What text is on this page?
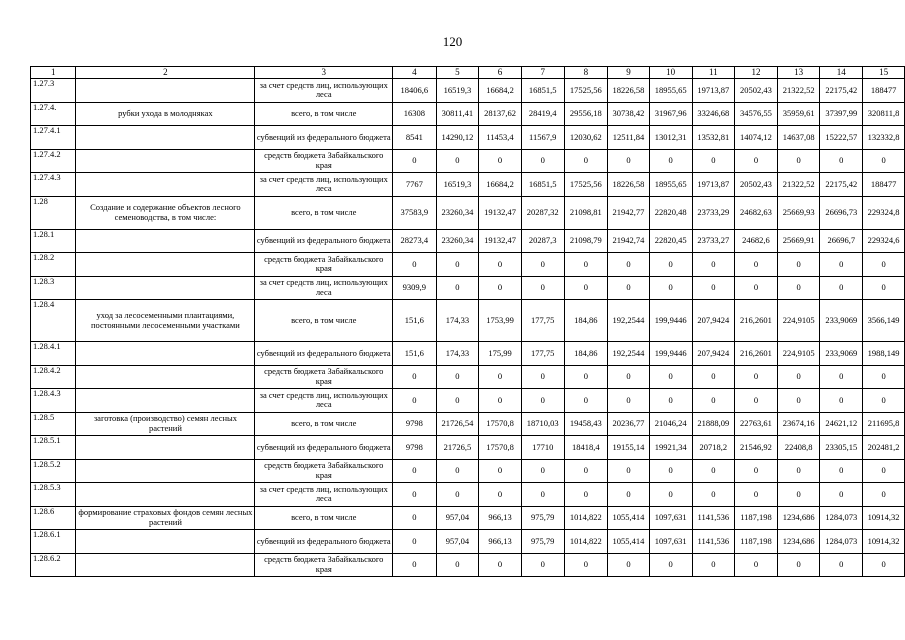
120
1	2	3	4	5	6	7	8	9	10	11	12	13	14	15
1.27.3		за счет средств лиц, использующих леса	18406,6	16519,3	16684,2	16851,5	17525,56	18226,58	18955,65	19713,87	20502,43	21322,52	22175,42	188477
1.27.4.	рубки ухода в молодняках	всего, в том числе	16308	30811,41	28137,62	28419,4	29556,18	30738,42	31967,96	33246,68	34576,55	35959,61	37397,99	320811,8
1.27.4.1		субвенций из федерального бюджета	8541	14290,12	11453,4	11567,9	12030,62	12511,84	13012,31	13532,81	14074,12	14637,08	15222,57	132332,8
1.27.4.2		средств бюджета Забайкальского края	0	0	0	0	0	0	0	0	0	0	0	0
1.27.4.3		за счет средств лиц, использующих леса	7767	16519,3	16684,2	16851,5	17525,56	18226,58	18955,65	19713,87	20502,43	21322,52	22175,42	188477
1.28	Создание и содержание объектов лесного семеноводства, в том числе:	всего, в том числе	37583,9	23260,34	19132,47	20287,32	21098,81	21942,77	22820,48	23733,29	24682,63	25669,93	26696,73	229324,8
1.28.1		субвенций из федерального бюджета	28273,4	23260,34	19132,47	20287,3	21098,79	21942,74	22820,45	23733,27	24682,6	25669,91	26696,7	229324,6
1.28.2		средств бюджета Забайкальского края	0	0	0	0	0	0	0	0	0	0	0	0
1.28.3		за счет средств лиц, использующих леса	9309,9	0	0	0	0	0	0	0	0	0	0	0
1.28.4	уход за лесосеменными плантациями, постоянными лесосеменными участками	всего, в том числе	151,6	174,33	1753,99	177,75	184,86	192,2544	199,9446	207,9424	216,2601	224,9105	233,9069	3566,149
1.28.4.1		субвенций из федерального бюджета	151,6	174,33	175,99	177,75	184,86	192,2544	199,9446	207,9424	216,2601	224,9105	233,9069	1988,149
1.28.4.2		средств бюджета Забайкальского края	0	0	0	0	0	0	0	0	0	0	0	0
1.28.4.3		за счет средств лиц, использующих леса	0	0	0	0	0	0	0	0	0	0	0	0
1.28.5	заготовка (производство) семян лесных растений	всего, в том числе	9798	21726,54	17570,8	18710,03	19458,43	20236,77	21046,24	21888,09	22763,61	23674,16	24621,12	211695,8
1.28.5.1		субвенций из федерального бюджета	9798	21726,5	17570,8	17710	18418,4	19155,14	19921,34	20718,2	21546,92	22408,8	23305,15	202481,2
1.28.5.2		средств бюджета Забайкальского края	0	0	0	0	0	0	0	0	0	0	0	0
1.28.5.3		за счет средств лиц, использующих леса	0	0	0	0	0	0	0	0	0	0	0	0
1.28.6	формирование страховых фондов семян лесных растений	всего, в том числе	0	957,04	966,13	975,79	1014,822	1055,414	1097,631	1141,536	1187,198	1234,686	1284,073	10914,32
1.28.6.1		субвенций из федерального бюджета	0	957,04	966,13	975,79	1014,822	1055,414	1097,631	1141,536	1187,198	1234,686	1284,073	10914,32
1.28.6.2		средств бюджета Забайкальского края	0	0	0	0	0	0	0	0	0	0	0	0
